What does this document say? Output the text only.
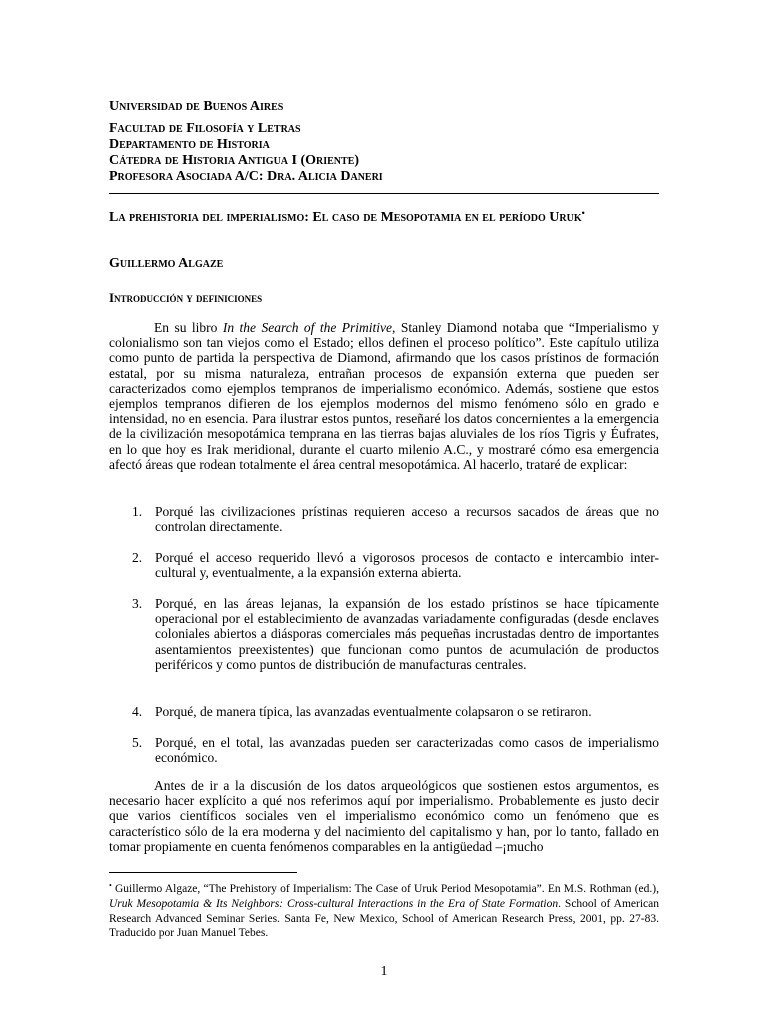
Universidad de Buenos Aires
Facultad de Filosofía y Letras
Departamento de Historia
Cátedra de Historia Antigua I (Oriente)
Profesora Asociada A/C: Dra. Alicia Daneri
La prehistoria del imperialismo: El caso de Mesopotamia en el período Uruk•
Guillermo Algaze
Introducción y definiciones
En su libro In the Search of the Primitive, Stanley Diamond notaba que “Imperialismo y colonialismo son tan viejos como el Estado; ellos definen el proceso político”. Este capítulo utiliza como punto de partida la perspectiva de Diamond, afirmando que los casos prístinos de formación estatal, por su misma naturaleza, entrañan procesos de expansión externa que pueden ser caracterizados como ejemplos tempranos de imperialismo económico. Además, sostiene que estos ejemplos tempranos difieren de los ejemplos modernos del mismo fenómeno sólo en grado e intensidad, no en esencia. Para ilustrar estos puntos, reseñaré los datos concernientes a la emergencia de la civilización mesopotámica temprana en las tierras bajas aluviales de los ríos Tigris y Éufrates, en lo que hoy es Irak meridional, durante el cuarto milenio A.C., y mostraré cómo esa emergencia afectó áreas que rodean totalmente el área central mesopotámica. Al hacerlo, trataré de explicar:
1. Porqué las civilizaciones prístinas requieren acceso a recursos sacados de áreas que no controlan directamente.
2. Porqué el acceso requerido llevó a vigorosos procesos de contacto e intercambio inter-cultural y, eventualmente, a la expansión externa abierta.
3. Porqué, en las áreas lejanas, la expansión de los estado prístinos se hace típicamente operacional por el establecimiento de avanzadas variadamente configuradas (desde enclaves coloniales abiertos a diásporas comerciales más pequeñas incrustadas dentro de importantes asentamientos preexistentes) que funcionan como puntos de acumulación de productos periféricos y como puntos de distribución de manufacturas centrales.
4. Porqué, de manera típica, las avanzadas eventualmente colapsaron o se retiraron.
5. Porqué, en el total, las avanzadas pueden ser caracterizadas como casos de imperialismo económico.
Antes de ir a la discusión de los datos arqueológicos que sostienen estos argumentos, es necesario hacer explícito a qué nos referimos aquí por imperialismo. Probablemente es justo decir que varios científicos sociales ven el imperialismo económico como un fenómeno que es característico sólo de la era moderna y del nacimiento del capitalismo y han, por lo tanto, fallado en tomar propiamente en cuenta fenómenos comparables en la antigüedad –¡mucho
• Guillermo Algaze, “The Prehistory of Imperialism: The Case of Uruk Period Mesopotamia”. En M.S. Rothman (ed.), Uruk Mesopotamia & Its Neighbors: Cross-cultural Interactions in the Era of State Formation. School of American Research Advanced Seminar Series. Santa Fe, New Mexico, School of American Research Press, 2001, pp. 27-83. Traducido por Juan Manuel Tebes.
1
